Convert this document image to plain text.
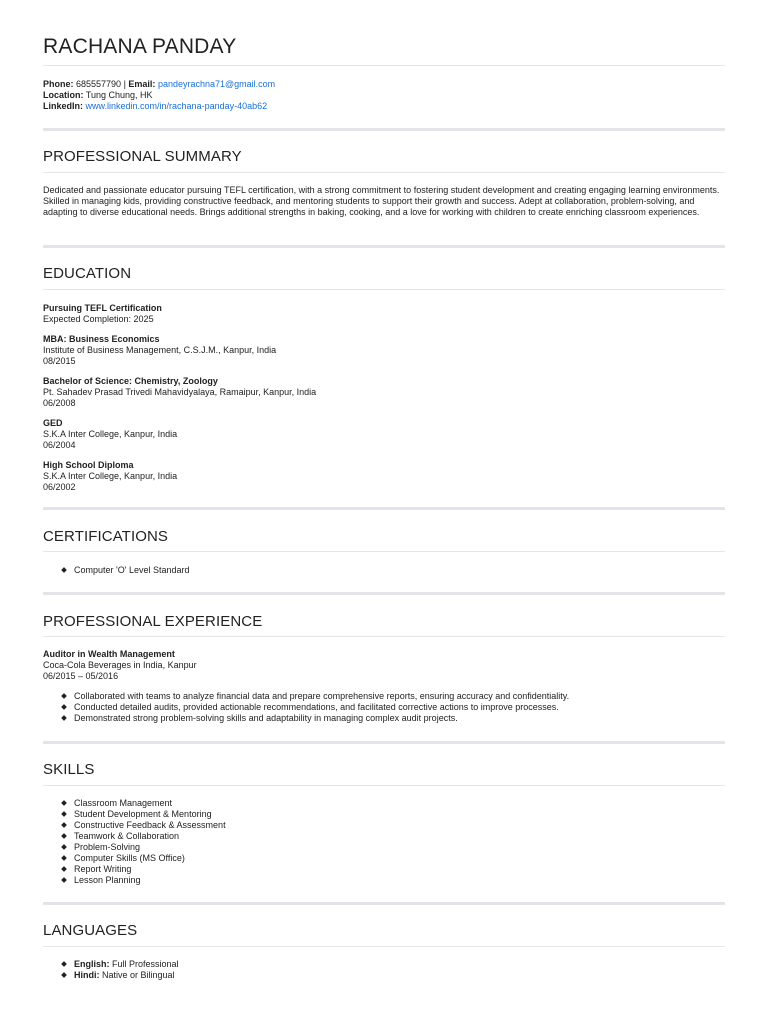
RACHANA PANDAY
Phone: 685557790 | Email: pandeyrachna71@gmail.com
Location: Tung Chung, HK
LinkedIn: www.linkedin.com/in/rachana-panday-40ab62
PROFESSIONAL SUMMARY

Dedicated and passionate educator pursuing TEFL certification, with a strong commitment to fostering student development and creating engaging learning environments. Skilled in managing kids, providing constructive feedback, and mentoring students to support their growth and success. Adept at collaboration, problem-solving, and adapting to diverse educational needs. Brings additional strengths in baking, cooking, and a love for working with children to create enriching classroom experiences.

EDUCATION
Pursuing TEFL Certification
Expected Completion: 2025
MBA: Business Economics
Institute of Business Management, C.S.J.M., Kanpur, India
08/2015
Bachelor of Science: Chemistry, Zoology
Pt. Sahadev Prasad Trivedi Mahavidyalaya, Ramaipur, Kanpur, India
06/2008
GED
S.K.A Inter College, Kanpur, India
06/2004
High School Diploma
S.K.A Inter College, Kanpur, India
06/2002
CERTIFICATIONS
Computer 'O' Level Standard
PROFESSIONAL EXPERIENCE
Auditor in Wealth Management
Coca-Cola Beverages in India, Kanpur
06/2015 – 05/2016
Collaborated with teams to analyze financial data and prepare comprehensive reports, ensuring accuracy and confidentiality.
Conducted detailed audits, provided actionable recommendations, and facilitated corrective actions to improve processes.
Demonstrated strong problem-solving skills and adaptability in managing complex audit projects.
SKILLS
Classroom Management
Student Development & Mentoring
Constructive Feedback & Assessment
Teamwork & Collaboration
Problem-Solving
Computer Skills (MS Office)
Report Writing
Lesson Planning
LANGUAGES
English: Full Professional
Hindi: Native or Bilingual
